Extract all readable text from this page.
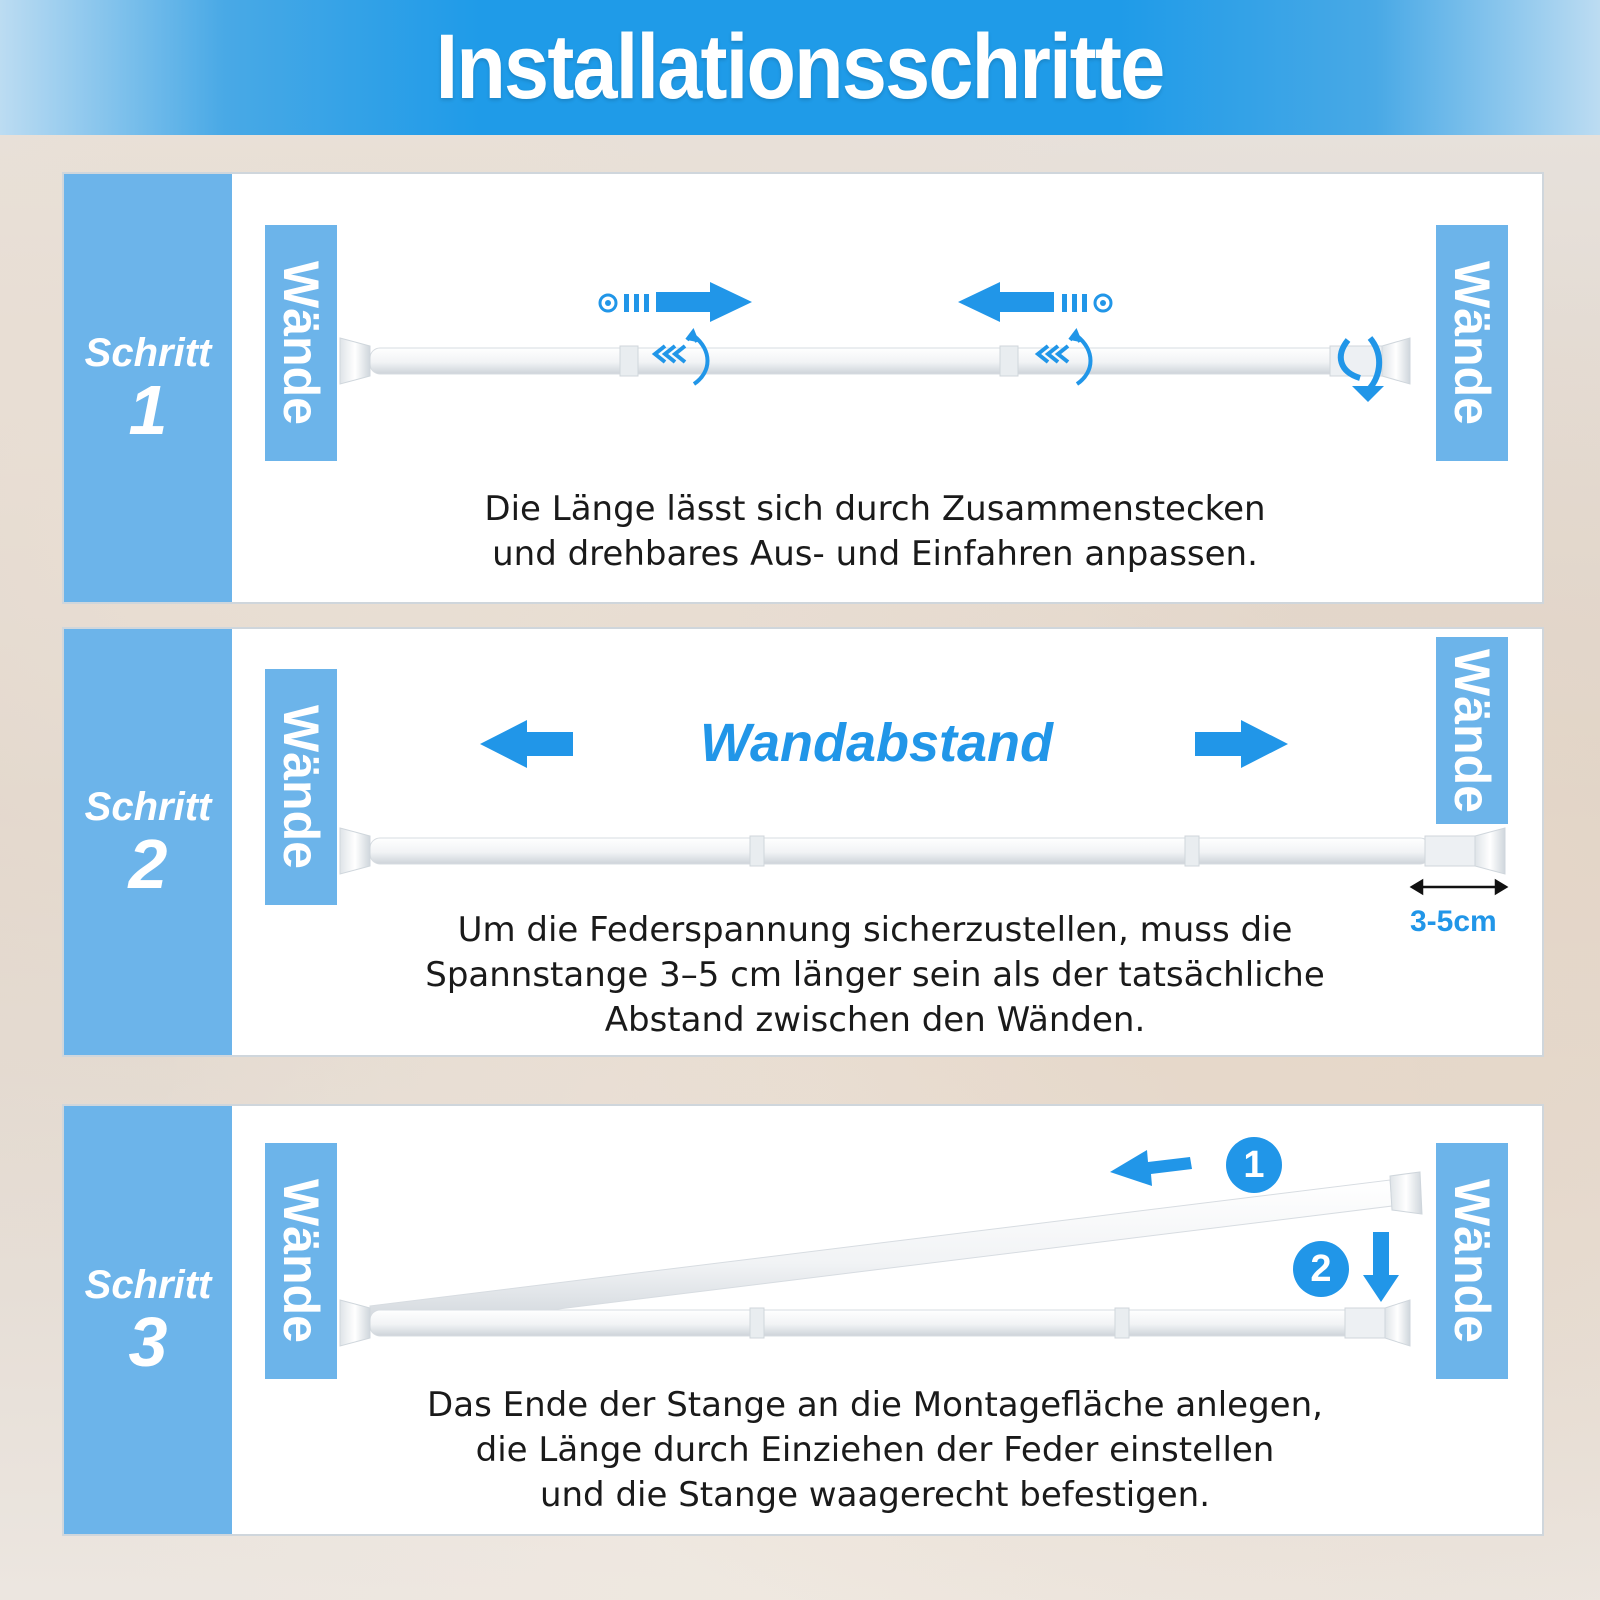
Installationsschritte
Schritt
1
Schritt
2
Schritt
3
Wände	Wände
Wände	Wände
Wände	Wände
1
2
Wandabstand
3-5cm
Die Länge lässt sich durch Zusammenstecken
und drehbares Aus- und Einfahren anpassen.
Um die Federspannung sicherzustellen, muss die
Spannstange 3–5 cm länger sein als der tatsächliche
Abstand zwischen den Wänden.
Das Ende der Stange an die Montagefläche anlegen,
die Länge durch Einziehen der Feder einstellen
und die Stange waagerecht befestigen.
